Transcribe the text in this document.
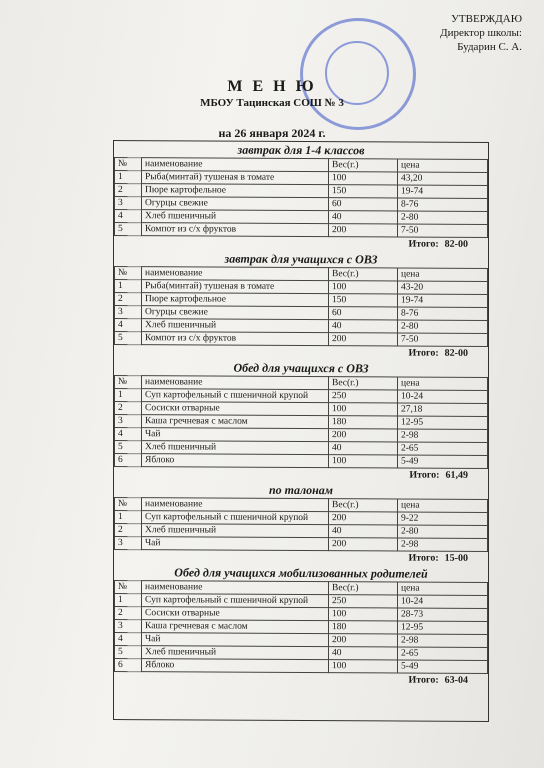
УТВЕРЖДАЮ
Директор школы:
Бударин С. А.
М Е Н Ю
МБОУ Тацинская СОШ № 3
на 26 января 2024 г.
завтрак для 1-4 классов
№	наименование	Вес(г.)	цена
1	Рыба(минтай) тушеная в томате	100	43,20
2	Пюре картофельное	150	19-74
3	Огурцы свежие	60	8-76
4	Хлеб пшеничный	40	2-80
5	Компот из с/х фруктов	200	7-50
Итого: 82-00
завтрак для учащихся с ОВЗ
№	наименование	Вес(г.)	цена
1	Рыба(минтай) тушеная в томате	100	43-20
2	Пюре картофельное	150	19-74
3	Огурцы свежие	60	8-76
4	Хлеб пшеничный	40	2-80
5	Компот из с/х фруктов	200	7-50
Итого: 82-00
Обед для учащихся с ОВЗ
№	наименование	Вес(г.)	цена
1	Суп картофельный с пшеничной крупой	250	10-24
2	Сосиски отварные	100	27,18
3	Каша гречневая с маслом	180	12-95
4	Чай	200	2-98
5	Хлеб пшеничный	40	2-65
6	Яблоко	100	5-49
Итого: 61,49
по талонам
№	наименование	Вес(г.)	цена
1	Суп картофельный с пшеничной крупой	200	9-22
2	Хлеб пшеничный	40	2-80
3	Чай	200	2-98
Итого: 15-00
Обед для учащихся мобилизованных родителей
№	наименование	Вес(г.)	цена
1	Суп картофельный с пшеничной крупой	250	10-24
2	Сосиски отварные	100	28-73
3	Каша гречневая с маслом	180	12-95
4	Чай	200	2-98
5	Хлеб пшеничный	40	2-65
6	Яблоко	100	5-49
Итого: 63-04
